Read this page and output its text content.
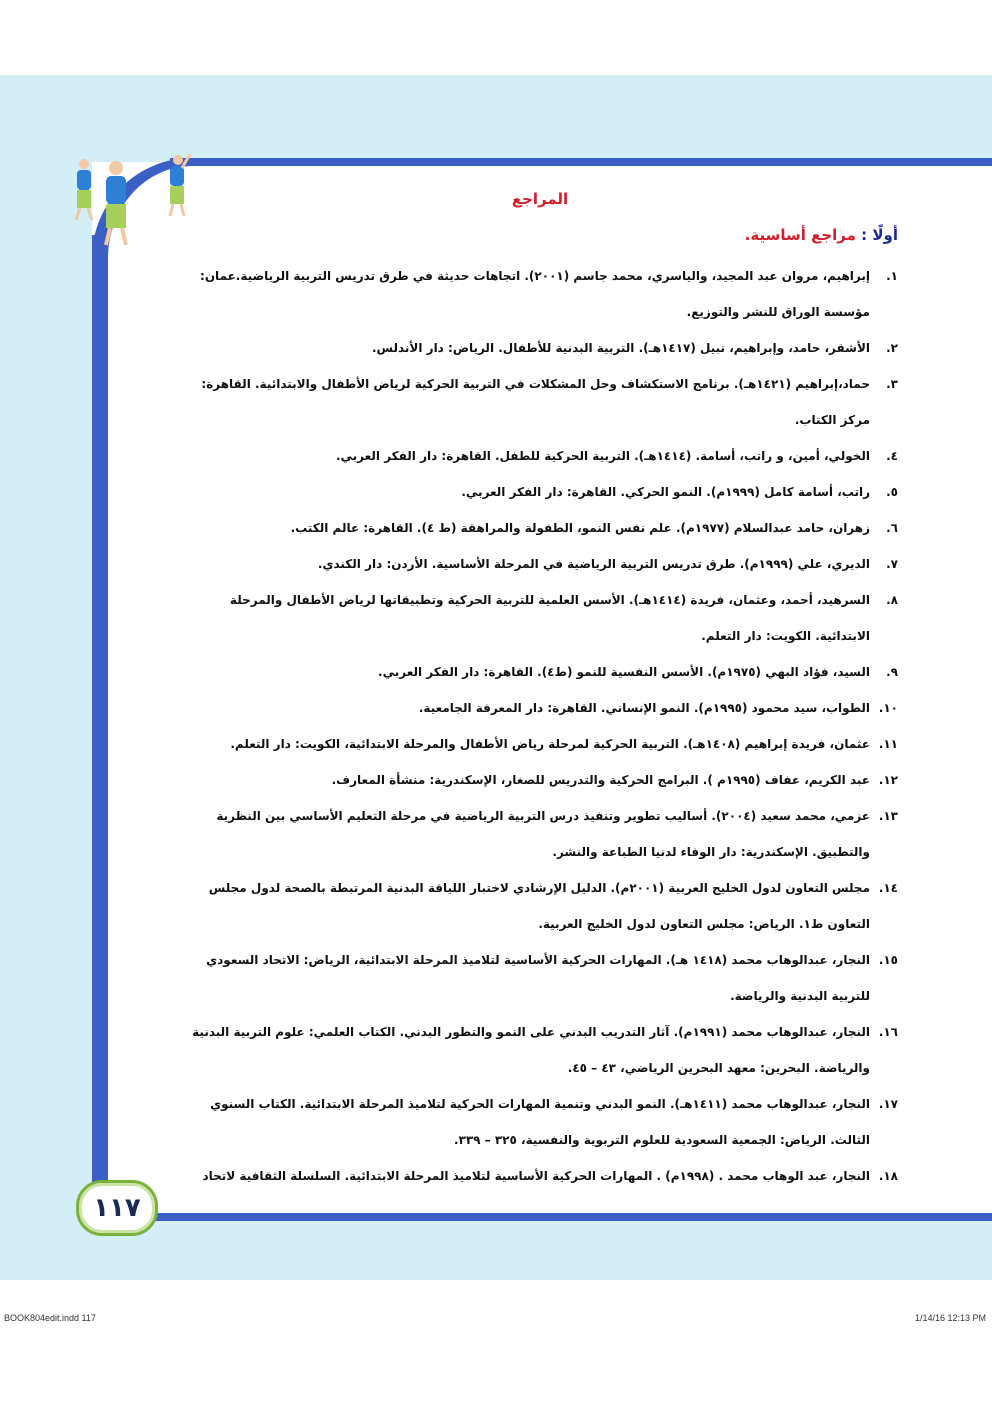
المراجع
أولًا : مراجع أساسية.
١.
إبراهيم، مروان عبد المجيد، والياسري، محمد جاسم (٢٠٠١). اتجاهات حديثة في طرق تدريس التربية الرياضية.عمان: مؤسسة الوراق للنشر والتوزيع.
٢.
الأشقر، حامد، وإبراهيم، نبيل (١٤١٧هـ). التربية البدنية للأطفال. الرياض: دار الأندلس.
٣.
حماد،إبراهيم (١٤٢١هـ). برنامج الاستكشاف وحل المشكلات في التربية الحركية لرياض الأطفال والابتدائية. القاهرة: مركز الكتاب.
٤.
الخولي، أمين، و راتب، أسامة. (١٤١٤هـ). التربية الحركية للطفل. القاهرة: دار الفكر العربي.
٥.
راتب، أسامة كامل (١٩٩٩م). النمو الحركي. القاهرة: دار الفكر العربي.
٦.
زهران، حامد عبدالسلام (١٩٧٧م). علم نفس النمو، الطفولة والمراهقة (ط ٤). القاهرة: عالم الكتب.
٧.
الديري، علي (١٩٩٩م). طرق تدريس التربية الرياضية في المرحلة الأساسية. الأردن: دار الكندي.
٨.
السرهيد، أحمد، وعثمان، فريدة (١٤١٤هـ). الأسس العلمية للتربية الحركية وتطبيقاتها لرياض الأطفال والمرحلة الابتدائية. الكويت: دار التعلم.
٩.
السيد، فؤاد البهي (١٩٧٥م). الأسس النفسية للنمو (ط٤). القاهرة: دار الفكر العربي.
١٠.
الطواب، سيد محمود (١٩٩٥م). النمو الإنساني. القاهرة: دار المعرفة الجامعية.
١١.
عثمان، فريدة إبراهيم (١٤٠٨هـ). التربية الحركية لمرحلة رياض الأطفال والمرحلة الابتدائية، الكويت: دار التعلم.
١٢.
عبد الكريم، عفاف (١٩٩٥م ). البرامج الحركية والتدريس للصغار، الإسكندرية: منشأة المعارف.
١٣.
عزمي، محمد سعيد (٢٠٠٤). أساليب تطوير وتنفيذ درس التربية الرياضية في مرحلة التعليم الأساسي بين النظرية والتطبيق. الإسكندرية: دار الوفاء لدنيا الطباعة والنشر.
١٤.
مجلس التعاون لدول الخليج العربية (٢٠٠١م). الدليل الإرشادي لاختبار اللياقة البدنية المرتبطة بالصحة لدول مجلس التعاون ط١. الرياض: مجلس التعاون لدول الخليج العربية.
١٥.
النجار، عبدالوهاب محمد (١٤١٨ هـ). المهارات الحركية الأساسية لتلاميذ المرحلة الابتدائية، الرياض: الاتحاد السعودي للتربية البدنية والرياضة.
١٦.
النجار، عبدالوهاب محمد (١٩٩١م). آثار التدريب البدني على النمو والتطور البدني. الكتاب العلمي: علوم التربية البدنية والرياضة. البحرين: معهد البحرين الرياضي، ٤٣ – ٤٥.
١٧.
النجار، عبدالوهاب محمد (١٤١١هـ). النمو البدني وتنمية المهارات الحركية لتلاميذ المرحلة الابتدائية. الكتاب السنوي الثالث. الرياض: الجمعية السعودية للعلوم التربوية والنفسية، ٣٢٥ – ٣٣٩.
١٨.
النجار، عبد الوهاب محمد . (١٩٩٨م) . المهارات الحركية الأساسية لتلاميذ المرحلة الابتدائية. السلسلة الثقافية لاتحاد
١١٧
BOOK804edit.indd 117	1/14/16 12:13 PM
